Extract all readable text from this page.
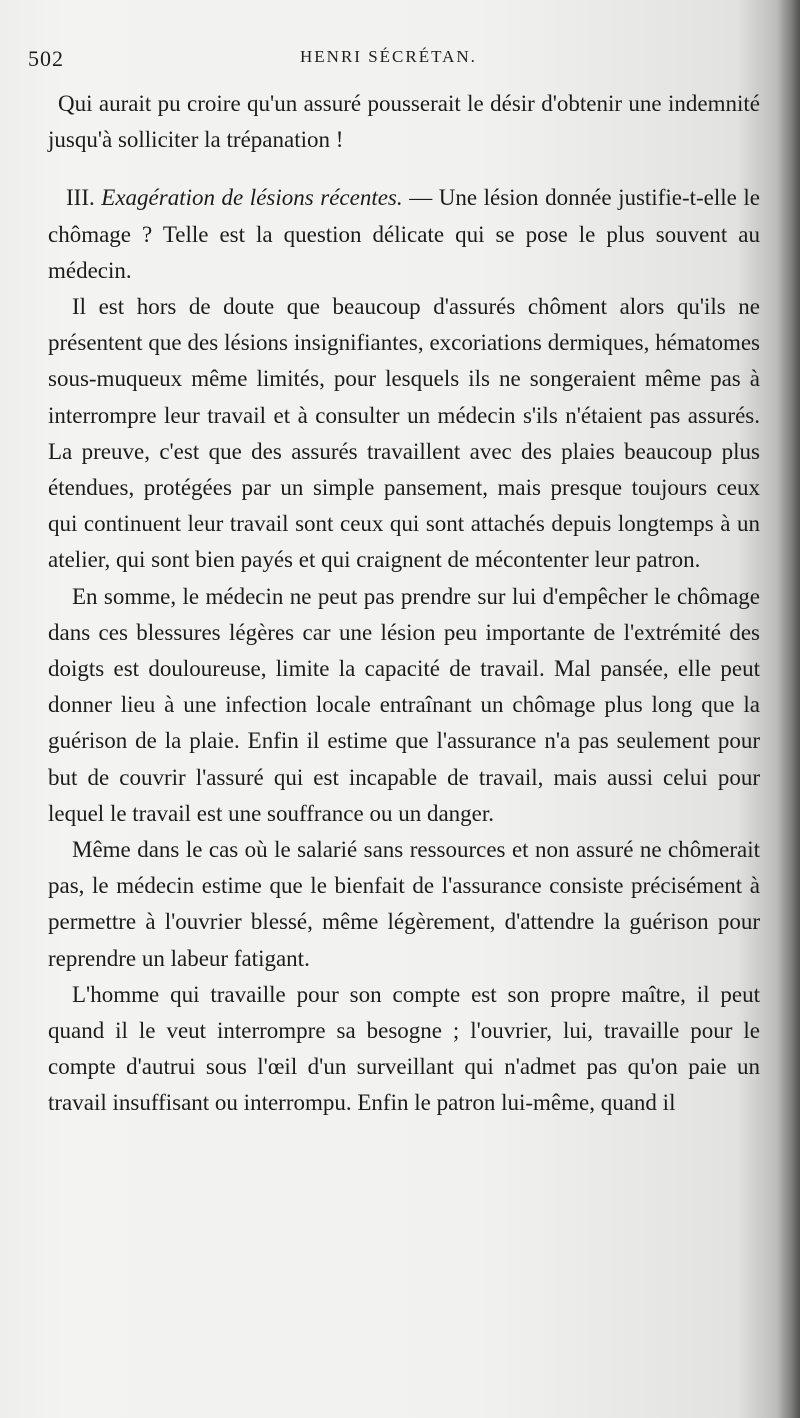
502	HENRI SÉCRÉTAN.

Qui aurait pu croire qu'un assuré pousserait le désir d'obtenir une indemnité jusqu'à solliciter la trépanation !

III. Exagération de lésions récentes. — Une lésion donnée justifie-t-elle le chômage ? Telle est la question délicate qui se pose le plus souvent au médecin.

Il est hors de doute que beaucoup d'assurés chôment alors qu'ils ne présentent que des lésions insignifiantes, excoriations dermiques, hématomes sous-muqueux même limités, pour lesquels ils ne songeraient même pas à interrompre leur travail et à consulter un médecin s'ils n'étaient pas assurés. La preuve, c'est que des assurés travaillent avec des plaies beaucoup plus étendues, protégées par un simple pansement, mais presque toujours ceux qui continuent leur travail sont ceux qui sont attachés depuis longtemps à un atelier, qui sont bien payés et qui craignent de mécontenter leur patron.

En somme, le médecin ne peut pas prendre sur lui d'empêcher le chômage dans ces blessures légères car une lésion peu importante de l'extrémité des doigts est douloureuse, limite la capacité de travail. Mal pansée, elle peut donner lieu à une infection locale entraînant un chômage plus long que la guérison de la plaie. Enfin il estime que l'assurance n'a pas seulement pour but de couvrir l'assuré qui est incapable de travail, mais aussi celui pour lequel le travail est une souffrance ou un danger.

Même dans le cas où le salarié sans ressources et non assuré ne chômerait pas, le médecin estime que le bienfait de l'assurance consiste précisément à permettre à l'ouvrier blessé, même légèrement, d'attendre la guérison pour reprendre un labeur fatigant.

L'homme qui travaille pour son compte est son propre maître, il peut quand il le veut interrompre sa besogne ; l'ouvrier, lui, travaille pour le compte d'autrui sous l'œil d'un surveillant qui n'admet pas qu'on paie un travail insuffisant ou interrompu. Enfin le patron lui-même, quand il
